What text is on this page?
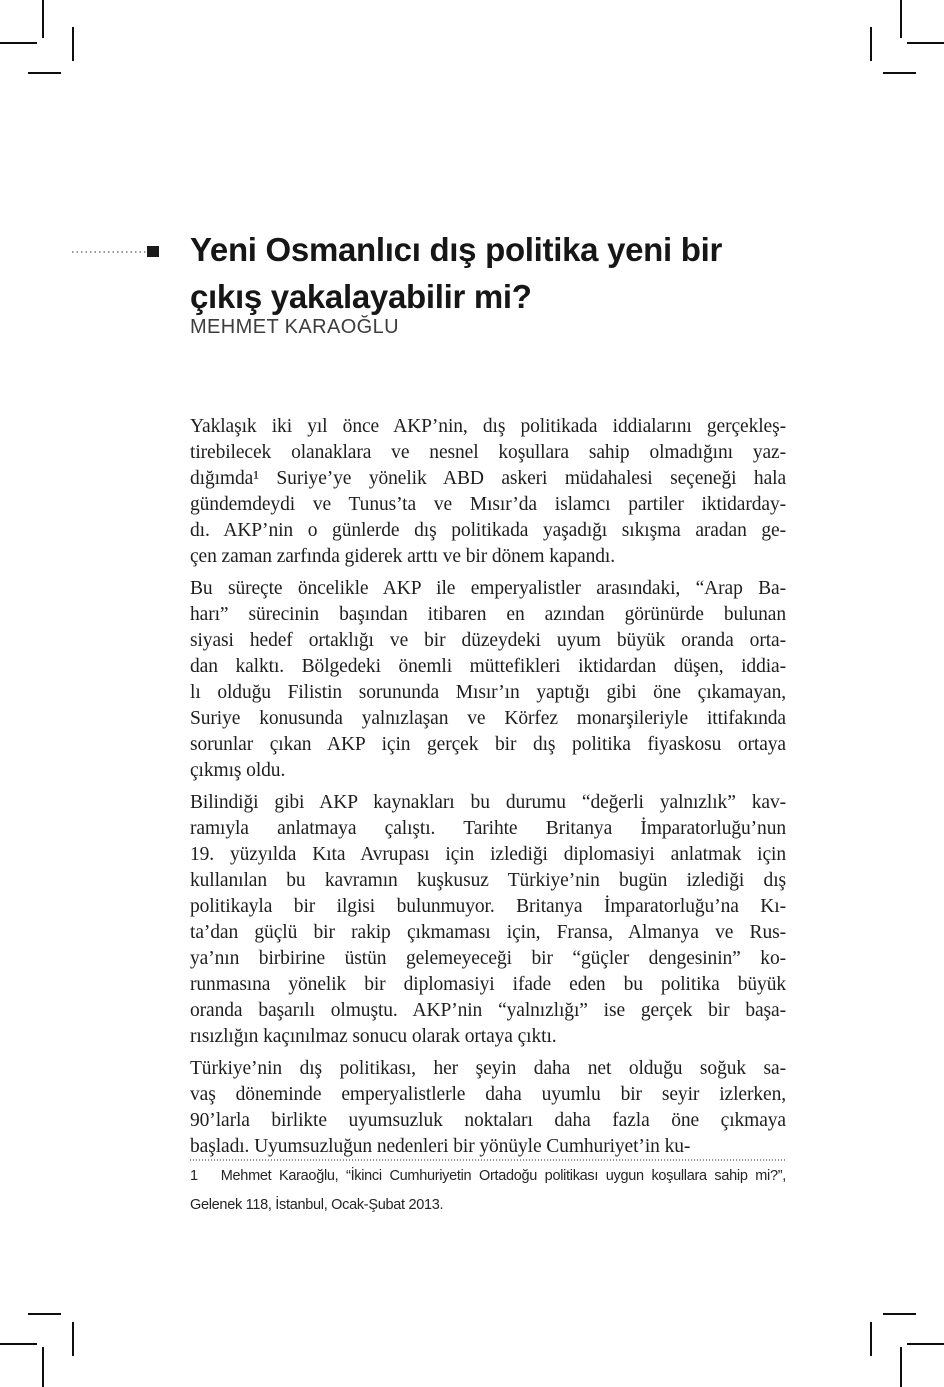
Yeni Osmanlıcı dış politika yeni bir
çıkış yakalayabilir mi?
MEHMET KARAOĞLU
Yaklaşık iki yıl önce AKP’nin, dış politikada iddialarını gerçekleş-
tirebilecek olanaklara ve nesnel koşullara sahip olmadığını yaz-
dığımda¹ Suriye’ye yönelik ABD askeri müdahalesi seçeneği hala
gündemdeydi ve Tunus’ta ve Mısır’da islamcı partiler iktidarday-
dı. AKP’nin o günlerde dış politikada yaşadığı sıkışma aradan ge-
çen zaman zarfında giderek arttı ve bir dönem kapandı.
Bu süreçte öncelikle AKP ile emperyalistler arasındaki, “Arap Ba-
harı” sürecinin başından itibaren en azından görünürde bulunan
siyasi hedef ortaklığı ve bir düzeydeki uyum büyük oranda orta-
dan kalktı. Bölgedeki önemli müttefikleri iktidardan düşen, iddia-
lı olduğu Filistin sorununda Mısır’ın yaptığı gibi öne çıkamayan,
Suriye konusunda yalnızlaşan ve Körfez monarşileriyle ittifakında
sorunlar çıkan AKP için gerçek bir dış politika fiyaskosu ortaya
çıkmış oldu.
Bilindiği gibi AKP kaynakları bu durumu “değerli yalnızlık” kav-
ramıyla anlatmaya çalıştı. Tarihte Britanya İmparatorluğu’nun
19. yüzyılda Kıta Avrupası için izlediği diplomasiyi anlatmak için
kullanılan bu kavramın kuşkusuz Türkiye’nin bugün izlediği dış
politikayla bir ilgisi bulunmuyor. Britanya İmparatorluğu’na Kı-
ta’dan güçlü bir rakip çıkmaması için, Fransa, Almanya ve Rus-
ya’nın birbirine üstün gelemeyeceği bir “güçler dengesinin” ko-
runmasına yönelik bir diplomasiyi ifade eden bu politika büyük
oranda başarılı olmuştu. AKP’nin “yalnızlığı” ise gerçek bir başa-
rısızlığın kaçınılmaz sonucu olarak ortaya çıktı.
Türkiye’nin dış politikası, her şeyin daha net olduğu soğuk sa-
vaş döneminde emperyalistlerle daha uyumlu bir seyir izlerken,
90’larla birlikte uyumsuzluk noktaları daha fazla öne çıkmaya
başladı. Uyumsuzluğun nedenleri bir yönüyle Cumhuriyet’in ku-
1   Mehmet Karaoğlu, “İkinci Cumhuriyetin Ortadoğu politikası uygun koşullara sahip mi?”,
Gelenek 118, İstanbul, Ocak-Şubat 2013.
